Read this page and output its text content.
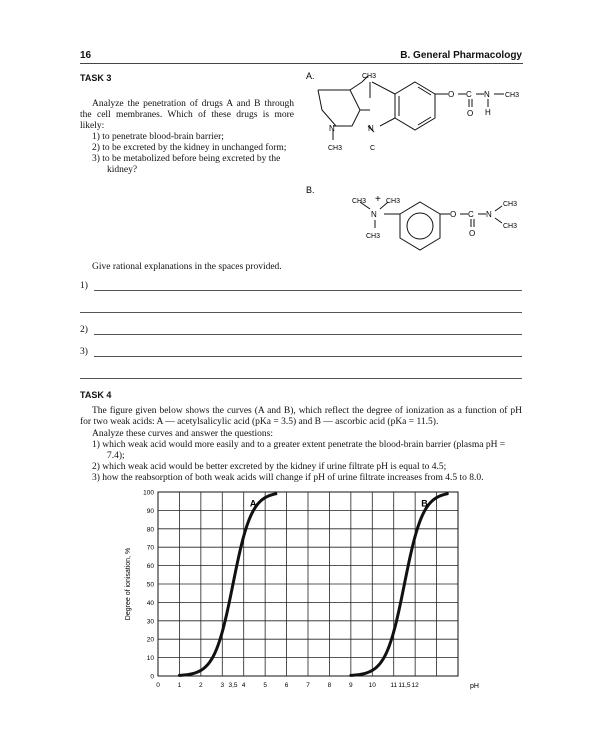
16	B. General Pharmacology
TASK 3
Analyze the penetration of drugs A and B through the cell membranes. Which of these drugs is more likely:
1) to penetrate blood-brain barrier;
2) to be excreted by the kidney in unchanged form;
3) to be metabolized before being excreted by the kidney?
A.	CH3
O C N CH3
O H
N	N
CH3	C
B.
CH3 + CH3
N
CH3
O C N
CH3
CH3
O
Give rational explanations in the spaces provided.
1)
2)
3)
TASK 4
The figure given below shows the curves (A and B), which reflect the degree of ionization as a function of pH for two weak acids: A — acetylsalicylic acid (pKa = 3.5) and B — ascorbic acid (pKa = 11.5).
Analyze these curves and answer the questions:
1) which weak acid would more easily and to a greater extent penetrate the blood-brain barrier (plasma pH = 7.4);
2) which weak acid would be better excreted by the kidney if urine filtrate pH is equal to 4.5;
3) how the reabsorption of both weak acids will change if pH of urine filtrate increases from 4.5 to 8.0.
A	B
0
10
20
30
40
50
60
70
80
90
100
0	1	2	3 3,5 4	5	6	7	8	9 10 11 11,5 12
Degree of ionisation, %
pH
